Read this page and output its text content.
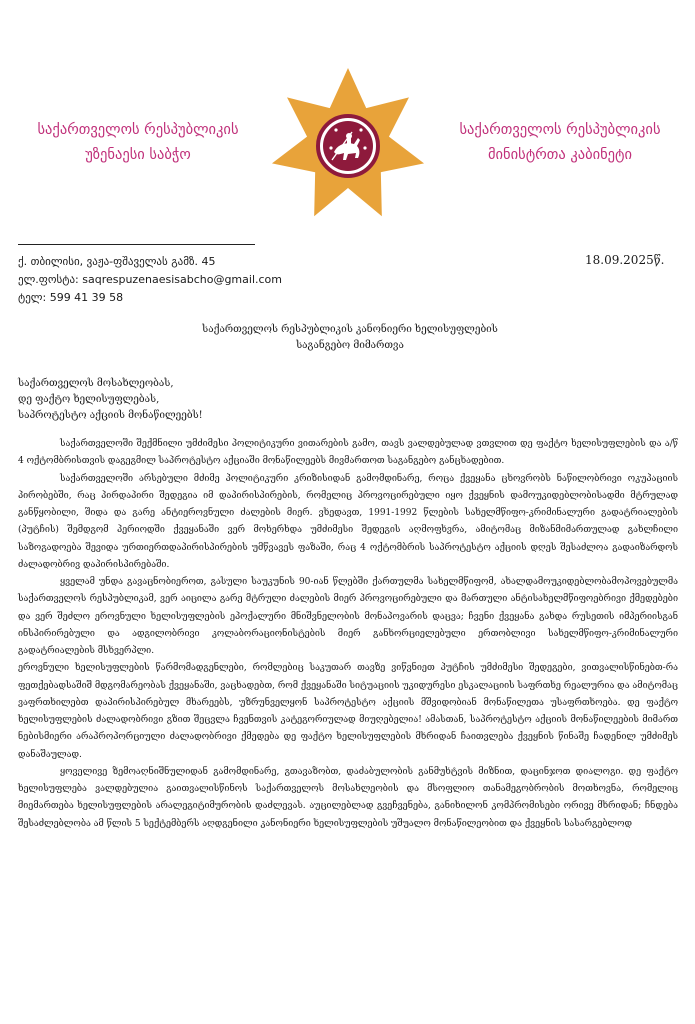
საქართველოს რესპუბლიკის
უზენაესი საბჭო
საქართველოს რესპუბლიკის
მინისტრთა კაბინეტი
ქ. თბილისი, ვაჟა-ფშაველას გამზ. 45
ელ.ფოსტა: saqrespuzenaesisabcho@gmail.com
ტელ: 599 41 39 58
18.09.2025წ.
საქართველოს რესპუბლიკის კანონიერი ხელისუფლების
საგანგებო მიმართვა
საქართველოს მოსახლეობას,
დე ფაქტო ხელისუფლებას,
საპროტესტო აქციის მონაწილეებს!

საქართველოში შექმნილი უმძიმესი პოლიტიკური ვითარების გამო, თავს ვალდებულად ვთვლით დე ფაქტო ხელისუფლების და ა/წ 4 ოქტომბრისთვის დაგეგმილ საპროტესტო აქციაში მონაწილეებს მივმართოთ საგანგებო განცხადებით.

საქართველოში არსებული მძიმე პოლიტიკური კრიზისიდან გამომდინარე, როცა ქვეყანა ცხოვრობს ნაწილობრივი ოკუპაციის პირობებში, რაც პირდაპირი შედეგია იმ დაპირისპირების, რომელიც პროვოცირებული იყო ქვეყნის დამოუკიდებლობისადმი მტრულად განწყობილი, შიდა და გარე ანტიეროვნული ძალების მიერ. ვხედავთ, 1991-1992 წლების სახელმწიფო-კრიმინალური გადატრიალების (პუტჩის) შემდგომ პერიოდში ქვეყანაში ვერ მოხერხდა უმძიმესი შედეგის აღმოფხვრა, ამიტომაც მიზანმიმართულად გახლჩილი საზოგადოება შევიდა ურთიერთდაპირისპირების უმწვავეს ფაზაში, რაც 4 ოქტომბრის საპროტესტო აქციის დღეს შესაძლოა გადაიზარდოს ძალადობრივ დაპირისპირებაში.

ყველამ უნდა გავაცნობიეროთ, გასული საუკუნის 90-იან წლებში ქართულმა სახელმწიფომ, ახალდამოუკიდებლობამოპოვებულმა საქართველოს რესპუბლიკამ, ვერ აიცილა გარე მტრული ძალების მიერ პროვოცირებული და მართული ანტისახელმწიფოებრივი ქმედებები და ვერ შეძლო ეროვნული ხელისუფლების ეპოქალური მნიშვნელობის მონაპოვარის დაცვა; ჩვენი ქვეყანა გახდა რუსეთის იმპერიისგან ინსპირირებული და ადგილობრივი კოლაბორაციონისტების მიერ განხორციელებული ერთობლივი სახელმწიფო-კრიმინალური გადატრიალების მსხვერპლი.

ეროვნული ხელისუფლების წარმომადგენლები, რომლებიც საკუთარ თავზე ვიწვნიეთ პუტჩის უმძიმესი შედეგები, ვითვალისწინებთ-რა ფეთქებადსაშიშ მდგომარეობას ქვეყანაში, ვაცხადებთ, რომ ქვეყანაში სიტუაციის უკიდურესი ესკალაციის საფრთხე რეალურია და ამიტომაც ვაფრთხილებთ დაპირისპირებულ მხარეებს, უზრუნველყონ საპროტესტო აქციის მშვიდობიან მონაწილეთა უსაფრთხოება. დე ფაქტო ხელისუფლების ძალადობრივი გზით შეცვლა ჩვენთვის კატეგორიულად მიუღებელია! ამასთან, საპროტესტო აქციის მონაწილეების მიმართ ნებისმიერი არაპროპორციული ძალადობრივი ქმედება დე ფაქტო ხელისუფლების მხრიდან ჩაითვლება ქვეყნის წინაშე ჩადენილ უმძიმეს დანაშაულად.

ყოველივე ზემოაღნიშნულიდან გამომდინარე, გთავაზობთ, დაძაბულობის განმუხტვის მიზნით, დაცინჯოთ დიალოგი. დე ფაქტო ხელისუფლება ვალდებულია გაითვალისწინოს საქართველოს მოსახლეობის და მსოფლიო თანამეგობრობის მოთხოვნა, რომელიც მიემართება ხელისუფლების არალეგიტიმურობის დაძლევას. აუცილებლად გვეჩვენება, განიხილონ კომპრომისები ორივე მხრიდან; ჩნდება შესაძლებლობა ამ წლის 5 სექტემბერს აღდგენილი კანონიერი ხელისუფლების უშუალო მონაწილეობით და ქვეყნის სასარგებლოდ
